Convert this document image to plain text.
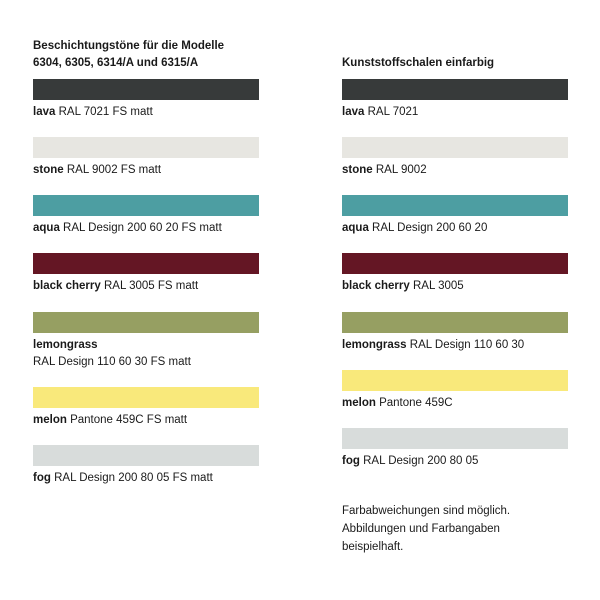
Beschichtungstöne für die Modelle
6304, 6305, 6314/A und 6315/A
lava RAL 7021 FS matt
stone RAL 9002 FS matt
aqua RAL Design 200 60 20 FS matt
black cherry RAL 3005 FS matt
lemongrass
RAL Design 110 60 30 FS matt
melon Pantone 459C FS matt
fog RAL Design 200 80 05 FS matt
Kunststoffschalen einfarbig
lava RAL 7021
stone RAL 9002
aqua RAL Design 200 60 20
black cherry RAL 3005
lemongrass RAL Design 110 60 30
melon Pantone 459C
fog RAL Design 200 80 05
Farbabweichungen sind möglich.
Abbildungen und Farbangaben
beispielhaft.
